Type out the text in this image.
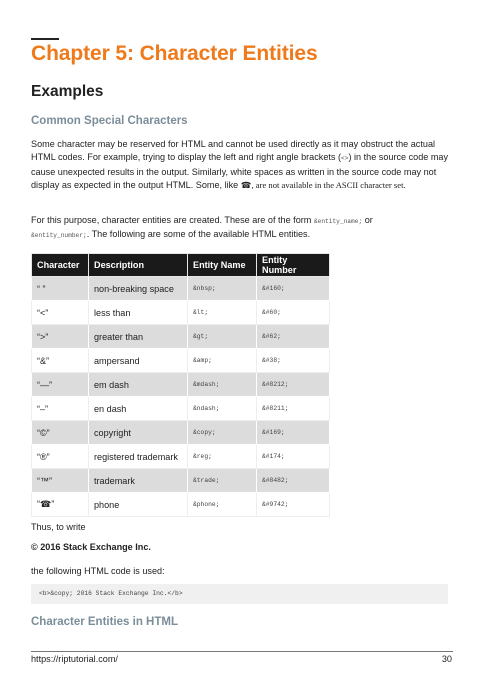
Chapter 5: Character Entities
Examples
Common Special Characters

Some character may be reserved for HTML and cannot be used directly as it may obstruct the actual HTML codes. For example, trying to display the left and right angle brackets (<>) in the source code may cause unexpected results in the output. Similarly, white spaces as written in the source code may not display as expected in the output HTML. Some, like ☎, are not available in the ASCII character set.

For this purpose, character entities are created. These are of the form &entity_name; or
&entity_number;. The following are some of the available HTML entities.

Character	Description	Entity Name	Entity Number
“ ”	non-breaking space	&nbsp;	&#160;
“<”	less than	&lt;	&#60;
“>”	greater than	&gt;	&#62;
“&”	ampersand	&amp;	&#38;
“—”	em dash	&mdash;	&#8212;
“–”	en dash	&ndash;	&#8211;
“©”	copyright	&copy;	&#169;
“®”	registered trademark	&reg;	&#174;
“™”	trademark	&trade;	&#8482;
“☎”	phone	&phone;	&#9742;

Thus, to write

© 2016 Stack Exchange Inc.

the following HTML code is used:

<b>&copy; 2016 Stack Exchange Inc.</b>
Character Entities in HTML
https://riptutorial.com/	30
